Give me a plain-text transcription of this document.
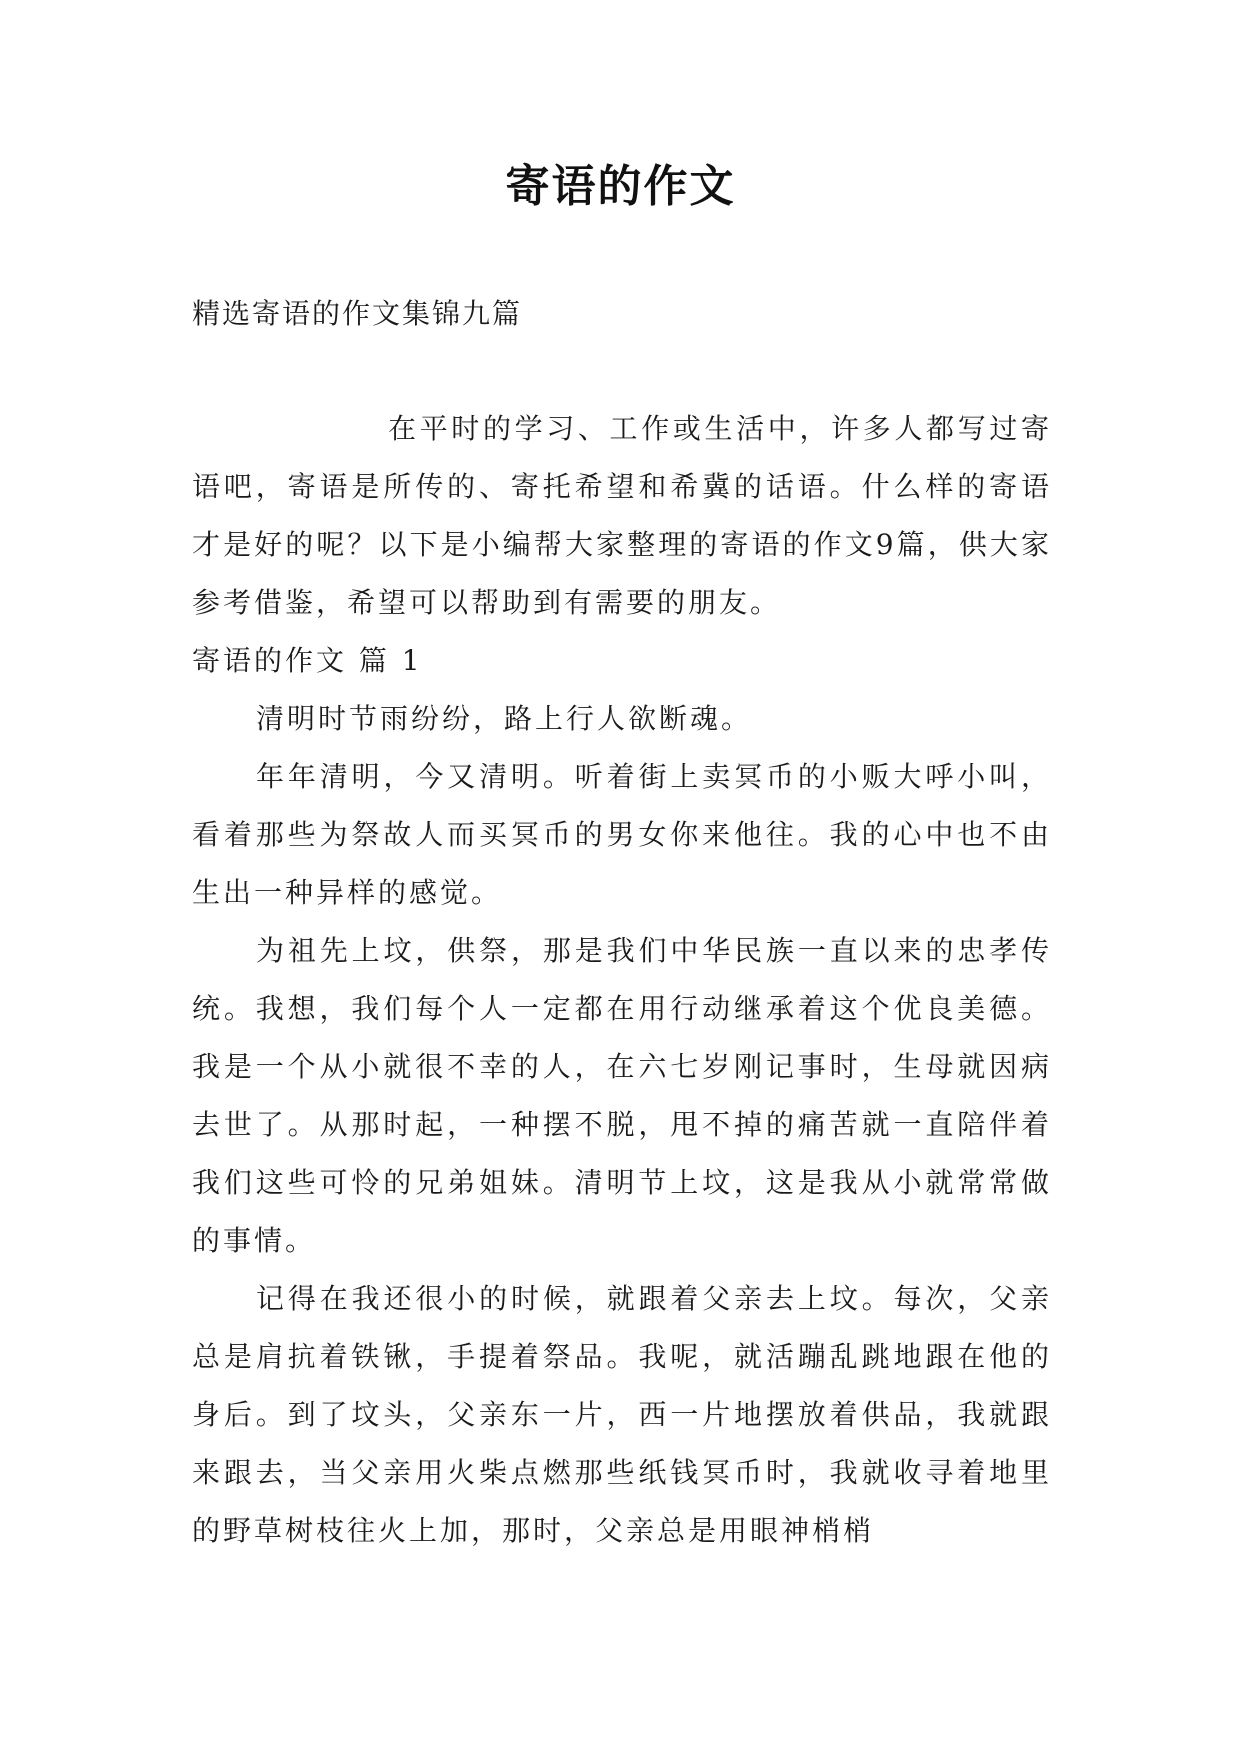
寄语的作文
精选寄语的作文集锦九篇

在平时的学习、工作或生活中，许多人都写过寄语吧，寄语是所传的、寄托希望和希冀的话语。什么样的寄语才是好的呢？以下是小编帮大家整理的寄语的作文9篇，供大家参考借鉴，希望可以帮助到有需要的朋友。

寄语的作文 篇 1

清明时节雨纷纷，路上行人欲断魂。

年年清明，今又清明。听着街上卖冥币的小贩大呼小叫，看着那些为祭故人而买冥币的男女你来他往。我的心中也不由生出一种异样的感觉。

为祖先上坟，供祭，那是我们中华民族一直以来的忠孝传统。我想，我们每个人一定都在用行动继承着这个优良美德。我是一个从小就很不幸的人，在六七岁刚记事时，生母就因病去世了。从那时起，一种摆不脱，甩不掉的痛苦就一直陪伴着我们这些可怜的兄弟姐妹。清明节上坟，这是我从小就常常做的事情。

记得在我还很小的时候，就跟着父亲去上坟。每次，父亲总是肩抗着铁锹，手提着祭品。我呢，就活蹦乱跳地跟在他的身后。到了坟头，父亲东一片，西一片地摆放着供品，我就跟来跟去，当父亲用火柴点燃那些纸钱冥币时，我就收寻着地里的野草树枝往火上加，那时，父亲总是用眼神梢梢
